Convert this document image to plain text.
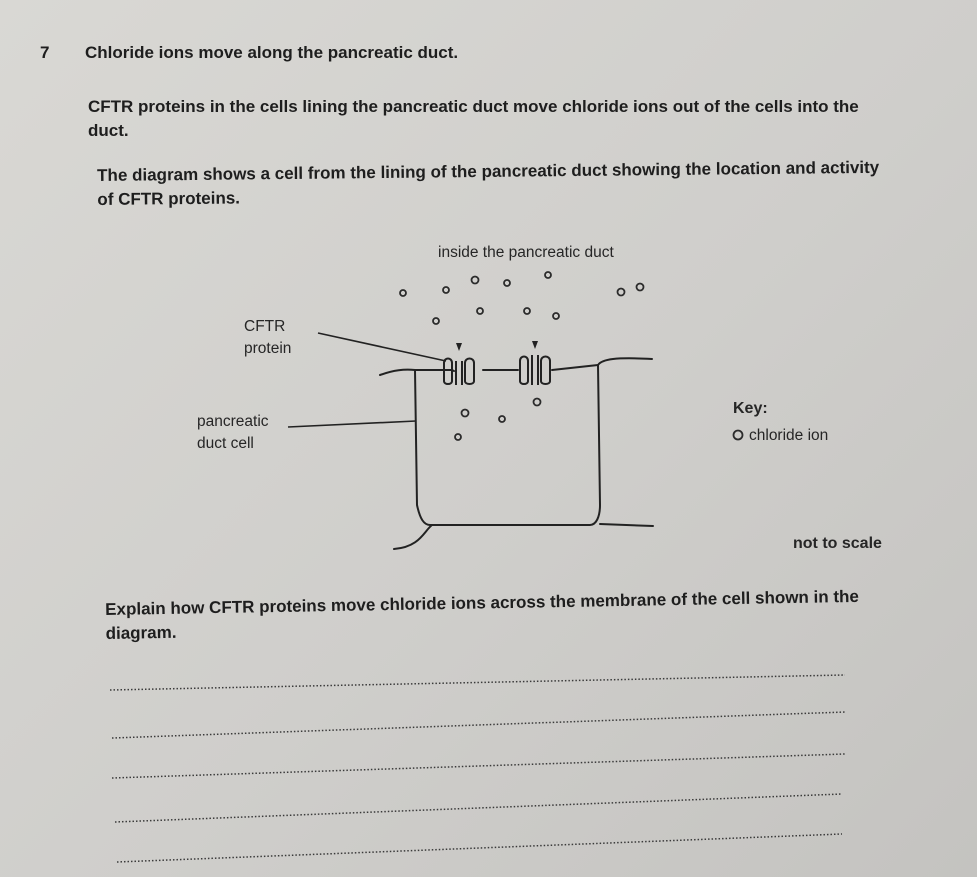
7 Chloride ions move along the pancreatic duct.
CFTR proteins in the cells lining the pancreatic duct move chloride ions out of the cells into the
duct.
The diagram shows a cell from the lining of the pancreatic duct showing the location and activity
of CFTR proteins.
inside the pancreatic duct
CFTR
protein
pancreatic
duct cell
Key:
chloride ion
not to scale
Explain how CFTR proteins move chloride ions across the membrane of the cell shown in the
diagram.
